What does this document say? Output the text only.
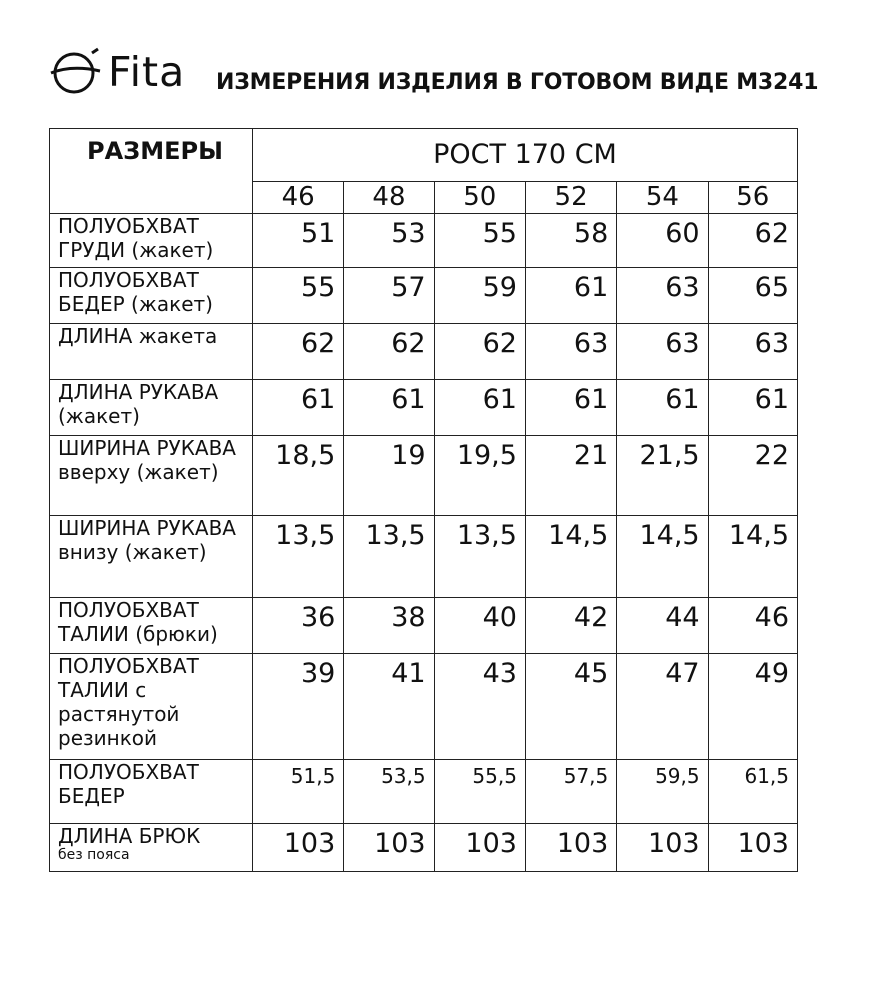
Fita ИЗМЕРЕНИЯ ИЗДЕЛИЯ В ГОТОВОМ ВИДЕ М3241
РАЗМЕРЫ	РОСТ 170 СМ					
	46	48	50	52	54	56
ПОЛУОБХВАТ ГРУДИ (жакет)	51	53	55	58	60	62
ПОЛУОБХВАТ БЕДЕР (жакет)	55	57	59	61	63	65
ДЛИНА жакета	62	62	62	63	63	63
ДЛИНА РУКАВА (жакет)	61	61	61	61	61	61
ШИРИНА РУКАВА вверху (жакет)	18,5	19	19,5	21	21,5	22
ШИРИНА РУКАВА внизу (жакет)	13,5	13,5	13,5	14,5	14,5	14,5
ПОЛУОБХВАТ ТАЛИИ (брюки)	36	38	40	42	44	46
ПОЛУОБХВАТ ТАЛИИ с растянутой резинкой	39	41	43	45	47	49
ПОЛУОБХВАТ БЕДЕР	51,5	53,5	55,5	57,5	59,5	61,5
ДЛИНА БРЮК
без пояса	103	103	103	103	103	103
